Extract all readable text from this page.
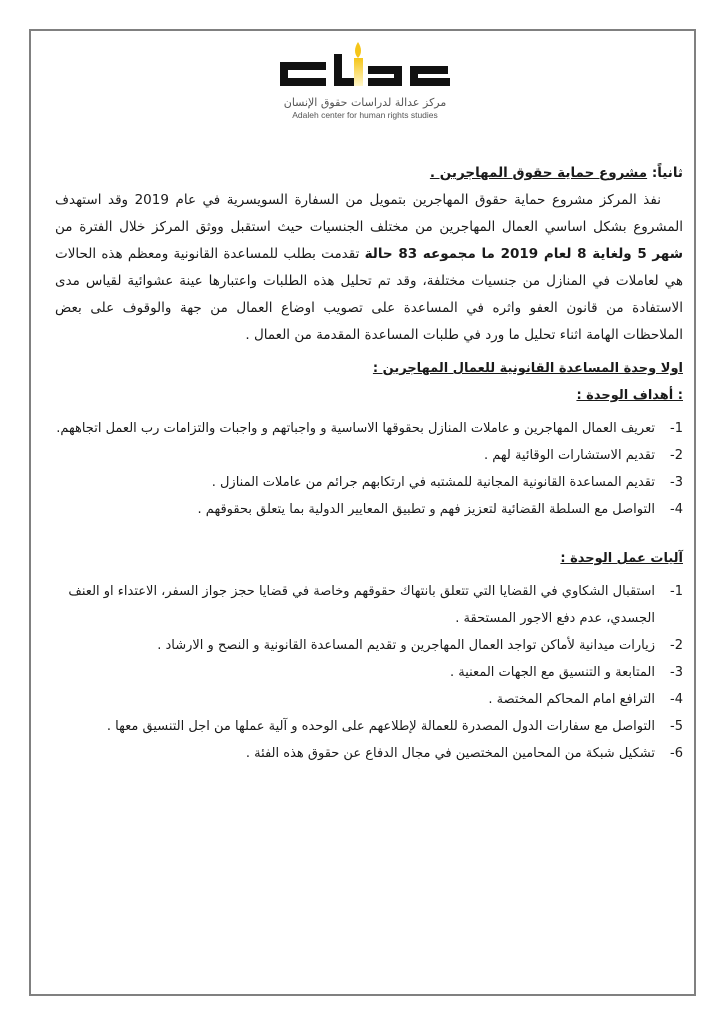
مركز عدالة لدراسات حقوق الإنسان
Adaleh center for human rights studies

ثانياً: مشروع حماية حقوق المهاجرين .

نفذ المركز مشروع حماية حقوق المهاجرين بتمويل من السفارة السويسرية في عام 2019 وقد استهدف المشروع بشكل اساسي العمال المهاجرين من مختلف الجنسيات حيث استقبل ووثق المركز خلال الفترة من شهر 5 ولغاية 8 لعام 2019 ما مجموعه 83 حالة تقدمت بطلب للمساعدة القانونية ومعظم هذه الحالات هي لعاملات في المنازل من جنسيات مختلفة، وقد تم تحليل هذه الطلبات واعتبارها عينة عشوائية لقياس مدى الاستفادة من قانون العفو واثره في المساعدة على تصويب اوضاع العمال من جهة والوقوف على بعض الملاحظات الهامة اثناء تحليل ما ورد في طلبات المساعدة المقدمة من العمال .

اولا وحدة المساعدة القانونية للعمال المهاجرين :

: أهداف الوحدة :

-1
تعريف العمال المهاجرين و عاملات المنازل بحقوقها الاساسية و واجباتهم و واجبات والتزامات رب العمل اتجاههم.
-2
تقديم الاستشارات الوقائية لهم .
-3
تقديم المساعدة القانونية المجانية للمشتبه في ارتكابهم جرائم من عاملات المنازل .
-4
التواصل مع السلطة القضائية لتعزيز فهم و تطبيق المعايير الدولية بما يتعلق بحقوقهم .

آليات عمل الوحدة :

-1
استقبال الشكاوي في القضايا التي تتعلق بانتهاك حقوقهم وخاصة في قضايا حجز جواز السفر، الاعتداء او العنف الجسدي، عدم دفع الاجور المستحقة .
-2
زيارات ميدانية لأماكن تواجد العمال المهاجرين و تقديم المساعدة القانونية و النصح و الارشاد .
-3
المتابعة و التنسيق مع الجهات المعنية .
-4
الترافع امام المحاكم المختصة .
-5
التواصل مع سفارات الدول المصدرة للعمالة لإطلاعهم على الوحده و آلية عملها من اجل التنسيق معها .
-6
تشكيل شبكة من المحامين المختصين في مجال الدفاع عن حقوق هذه الفئة .
